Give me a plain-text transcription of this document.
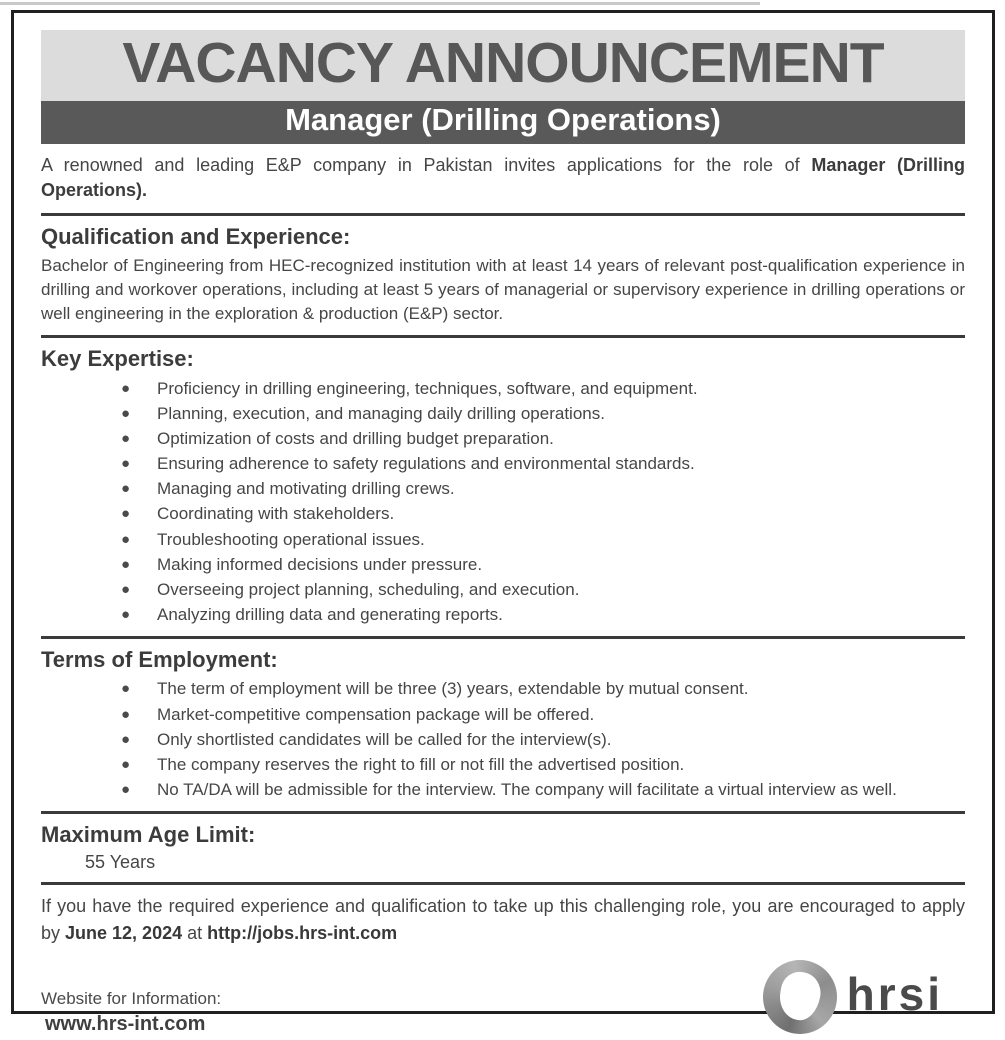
VACANCY ANNOUNCEMENT
Manager (Drilling Operations)

A renowned and leading E&P company in Pakistan invites applications for the role of Manager (Drilling Operations).

Qualification and Experience:

Bachelor of Engineering from HEC-recognized institution with at least 14 years of relevant post-qualification experience in drilling and workover operations, including at least 5 years of managerial or supervisory experience in drilling operations or well engineering in the exploration & production (E&P) sector.

Key Expertise:
● Proficiency in drilling engineering, techniques, software, and equipment.
● Planning, execution, and managing daily drilling operations.
● Optimization of costs and drilling budget preparation.
● Ensuring adherence to safety regulations and environmental standards.
● Managing and motivating drilling crews.
● Coordinating with stakeholders.
● Troubleshooting operational issues.
● Making informed decisions under pressure.
● Overseeing project planning, scheduling, and execution.
● Analyzing drilling data and generating reports.
Terms of Employment:
● The term of employment will be three (3) years, extendable by mutual consent.
● Market-competitive compensation package will be offered.
● Only shortlisted candidates will be called for the interview(s).
● The company reserves the right to fill or not fill the advertised position.
● No TA/DA will be admissible for the interview. The company will facilitate a virtual interview as well.
Maximum Age Limit:
55 Years

If you have the required experience and qualification to take up this challenging role, you are encouraged to apply by June 12, 2024 at http://jobs.hrs-int.com

Website for Information:
www.hrs-int.com
hrsi
